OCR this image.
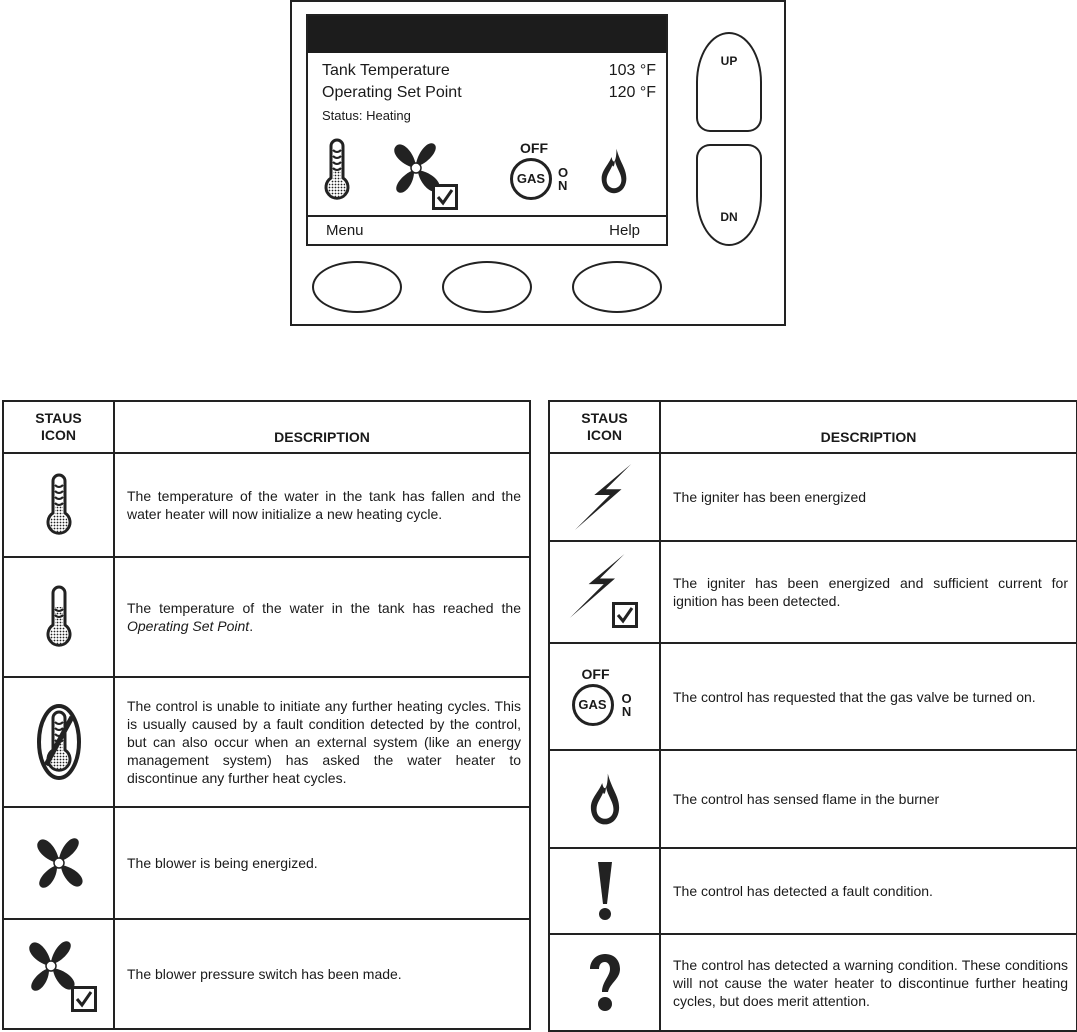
Tank Temperature	103 °F
Operating Set Point	120 °F
Status: Heating
OFF
GAS O
N
Menu	Help
UP
DN
STAUS
ICON	DESCRIPTION

	The temperature of the water in the tank has fallen and the water heater will now initialize a new heating cycle.

	The temperature of the water in the tank has reached the Operating Set Point.

	The control is unable to initiate any further heating cycles. This is usually caused by a fault condition detected by the control, but can also occur when an external system (like an energy management system) has asked the water heater to discontinue any further heat cycles.

	The blower is being energized.

	The blower pressure switch has been made.
STAUS
ICON	DESCRIPTION

	The igniter has been energized

	The igniter has been energized and sufficient current for ignition has been detected.

OFF
GAS O
N	The control has requested that the gas valve be turned on.

	The control has sensed flame in the burner

	The control has detected a fault condition.

	The control has detected a warning condition. These conditions will not cause the water heater to discontinue further heating cycles, but does merit attention.
